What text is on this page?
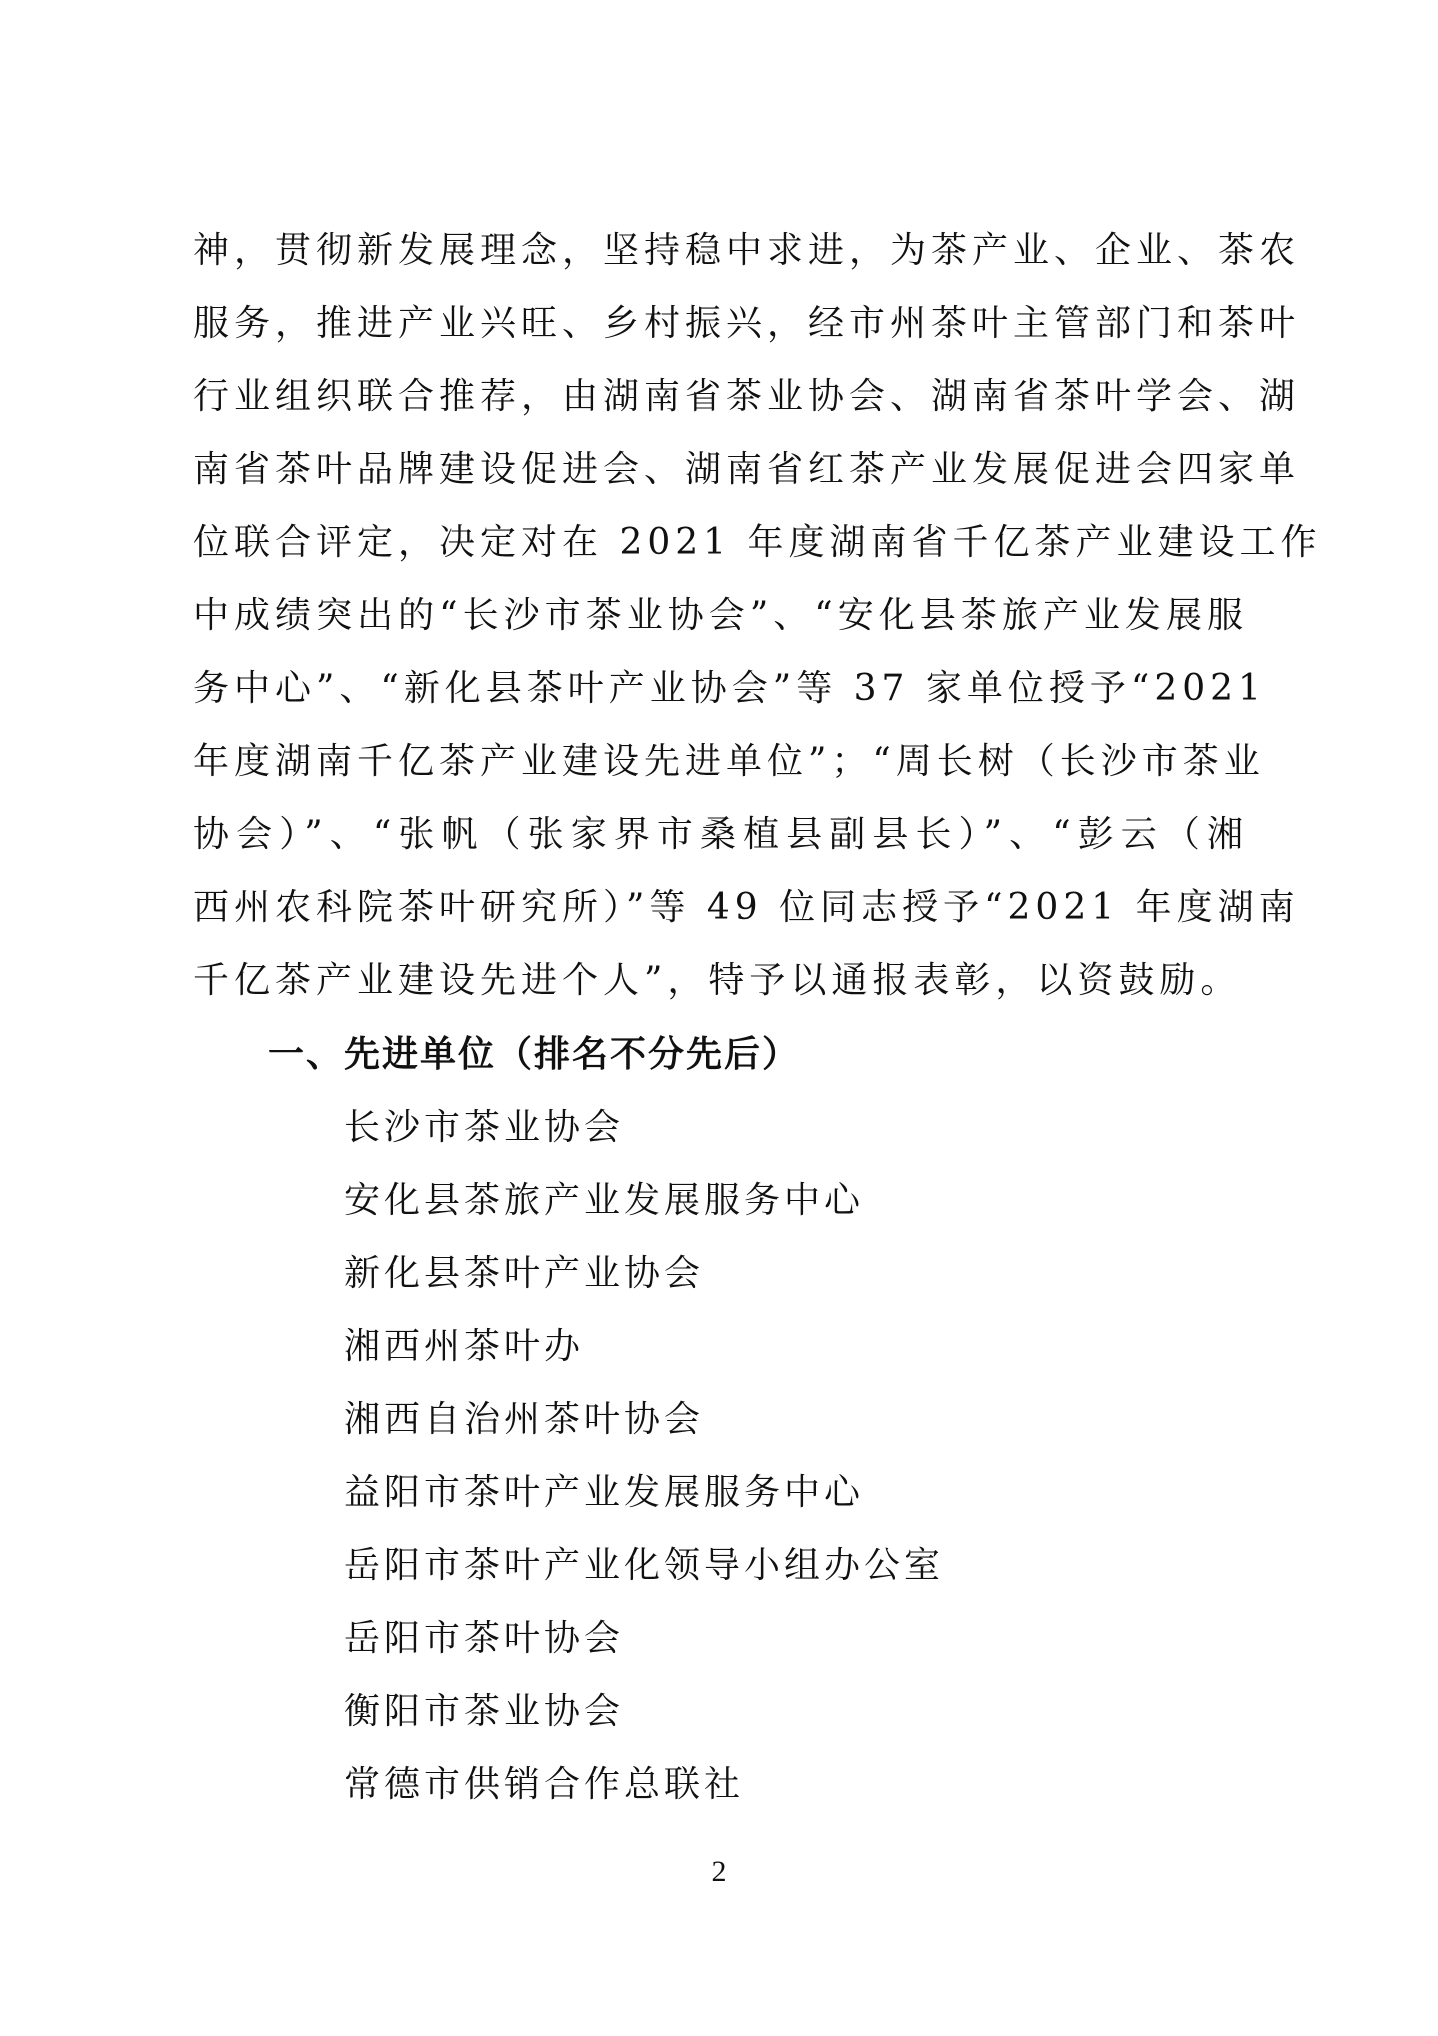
神，贯彻新发展理念，坚持稳中求进，为茶产业、企业、茶农
服务，推进产业兴旺、乡村振兴，经市州茶叶主管部门和茶叶
行业组织联合推荐，由湖南省茶业协会、湖南省茶叶学会、湖
南省茶叶品牌建设促进会、湖南省红茶产业发展促进会四家单
位联合评定，决定对在 2021 年度湖南省千亿茶产业建设工作
中成绩突出的“长沙市茶业协会”、“安化县茶旅产业发展服
务中心”、“新化县茶叶产业协会”等 37 家单位授予“2021
年度湖南千亿茶产业建设先进单位”；“周长树（长沙市茶业
协会）”、“张帆（张家界市桑植县副县长）”、“彭云（湘
西州农科院茶叶研究所）”等 49 位同志授予“2021 年度湖南
千亿茶产业建设先进个人”，特予以通报表彰，以资鼓励。
一、先进单位（排名不分先后）
长沙市茶业协会
安化县茶旅产业发展服务中心
新化县茶叶产业协会
湘西州茶叶办
湘西自治州茶叶协会
益阳市茶叶产业发展服务中心
岳阳市茶叶产业化领导小组办公室
岳阳市茶叶协会
衡阳市茶业协会
常德市供销合作总联社
2
